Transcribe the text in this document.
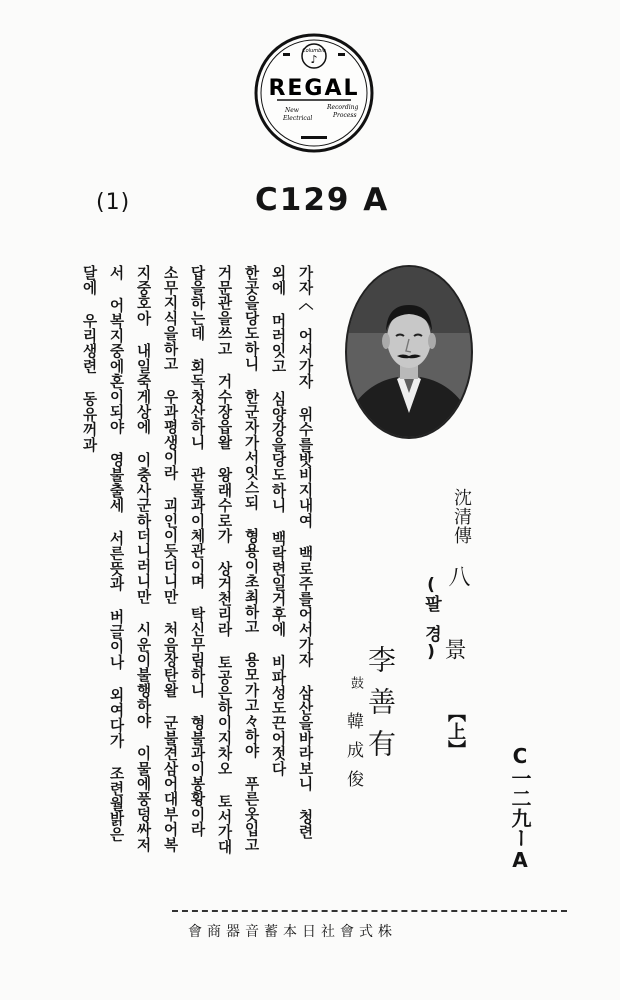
Columbia
♪
REGAL
New
Electrical
Recording
Process
(1)	C129 A
沈清傳
八
(팔
경) 景
【上】
李善有
鼓
韓成俊	C一二九ーA
가자〈 어서가자 위수를밧비지내여 백로주를어서가자 삼산을바라보니 청련
외에 머러잇고 심양강을당도하니 백락련일거후에 비파성도끈어젓다
한곳을당도하니 한군자가서잇스되 형용이초최하고 용모가고々하야 푸른옷입고
거문관을쓰고 거수장읍왈 왕래수로가 상거천리라 토공은하이지차오 토서가대
답을하는데 회독청산하니 관물과이체관이며 탁신무림하니 형불과이봉황이라
소무지식을하고 우과평생이라 괴인이듯더니만 처음장탄왈 군불견삼어대부어복
지중호아 내일죽게상에 이충사군하더니러니만 시운이불행하야 이물에풍덩싸저
서 어복지중에혼이되야 영불출세 서른뜻과 버글이나 외여다가 조련월밝은
달에 우리생련 동유꺼과
會商器音蓄本日社會式株
